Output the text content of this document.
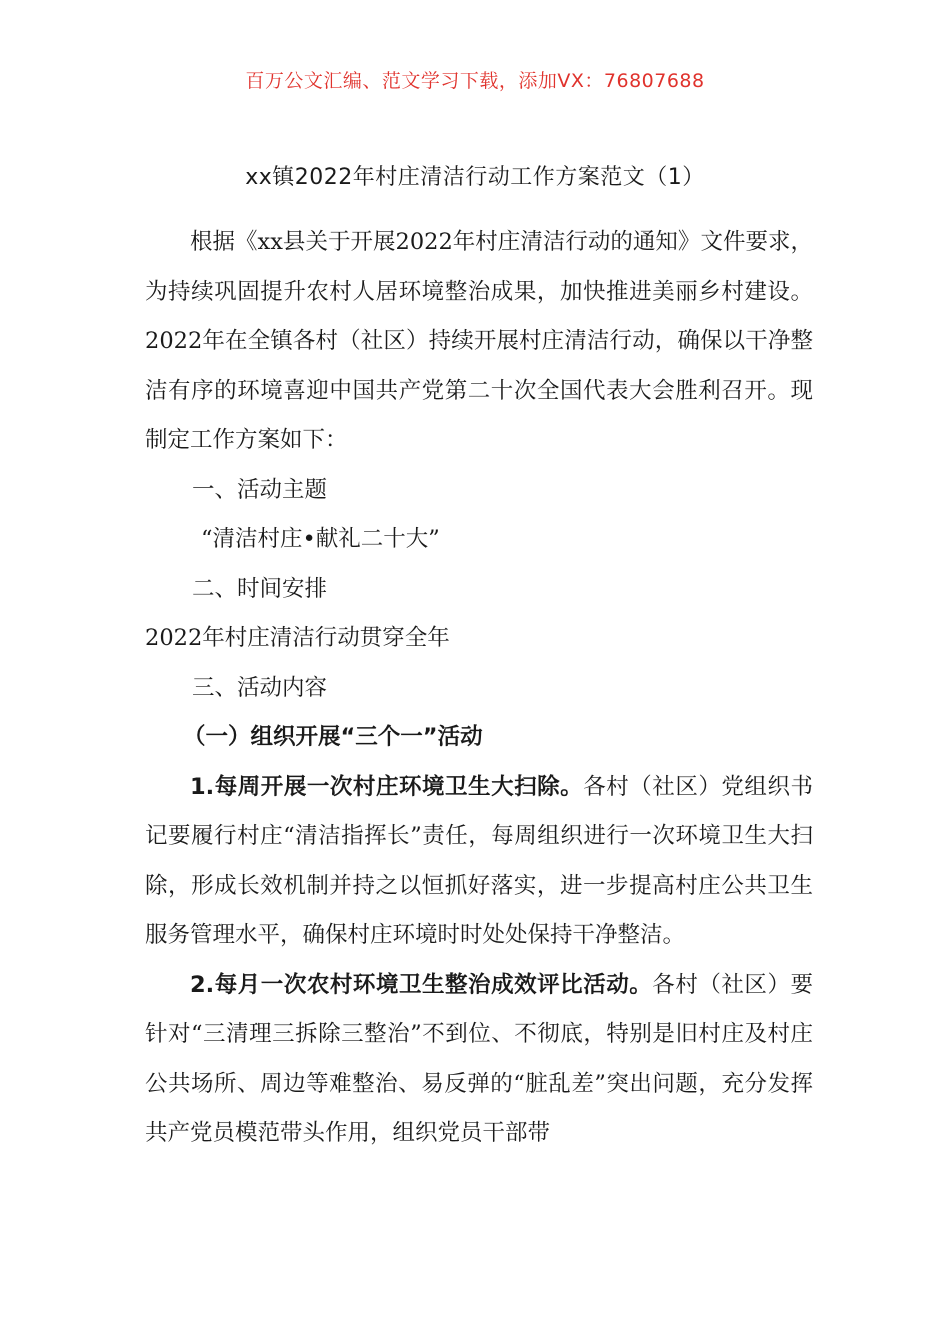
百万公文汇编、范文学习下载，添加VX：76807688
xx镇2022年村庄清洁行动工作方案范文（1）

根据《xx县关于开展2022年村庄清洁行动的通知》文件要求，为持续巩固提升农村人居环境整治成果，加快推进美丽乡村建设。2022年在全镇各村（社区）持续开展村庄清洁行动，确保以干净整洁有序的环境喜迎中国共产党第二十次全国代表大会胜利召开。现制定工作方案如下：

一、活动主题

“清洁村庄•献礼二十大”

二、时间安排

2022年村庄清洁行动贯穿全年

三、活动内容

（一）组织开展“三个一”活动

1.每周开展一次村庄环境卫生大扫除。各村（社区）党组织书记要履行村庄“清洁指挥长”责任，每周组织进行一次环境卫生大扫除，形成长效机制并持之以恒抓好落实，进一步提高村庄公共卫生服务管理水平，确保村庄环境时时处处保持干净整洁。

2.每月一次农村环境卫生整治成效评比活动。各村（社区）要针对“三清理三拆除三整治”不到位、不彻底，特别是旧村庄及村庄公共场所、周边等难整治、易反弹的“脏乱差”突出问题，充分发挥共产党员模范带头作用，组织党员干部带
